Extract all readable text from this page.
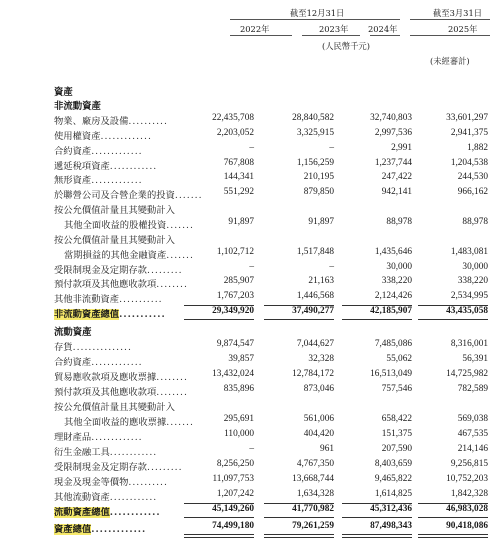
截至12月31日	截至3月31日
2022年	2023年 2024年	2025年
(人民幣千元)
(未經審計)
資產
非流動資產
物業、廠房及設備..........	22,435,708	28,840,582	32,740,803	33,601,297
使用權資產.............	2,203,052	3,325,915	2,997,536	2,941,375
合約資產.............	–	–	2,991	1,882
遞延稅項資產............	767,808	1,156,259	1,237,744	1,204,538
無形資產.............	144,341	210,195	247,422	244,530
於聯營公司及合營企業的投資.......	551,292	879,850	942,141	966,162
按公允價值計量且其變動計入
其他全面收益的股權投資.......	91,897	91,897	88,978	88,978
按公允價值計量且其變動計入
當期損益的其他金融資產.......	1,102,712	1,517,848	1,435,646	1,483,081
受限制現金及定期存款.........	–	–	30,000	30,000
預付款項及其他應收款項........	285,907	21,163	338,220	338,220
其他非流動資產...........	1,767,203	1,446,568	2,124,426	2,534,995
非流動資產總值...........	29,349,920	37,490,277	42,185,907	43,435,058
流動資產
存貨...............	9,874,547	7,044,627	7,485,086	8,316,001
合約資產.............	39,857	32,328	55,062	56,391
貿易應收款項及應收票據........	13,432,024	12,784,172	16,513,049	14,725,982
預付款項及其他應收款項........	835,896	873,046	757,546	782,589
按公允價值計量且其變動計入
其他全面收益的應收票據.......	295,691	561,006	658,422	569,038
理財產品.............	110,000	404,420	151,375	467,535
衍生金融工具............	–	961	207,590	214,146
受限制現金及定期存款.........	8,256,250	4,767,350	8,403,659	9,256,815
現金及現金等價物..........	11,097,753	13,668,744	9,465,822	10,752,203
其他流動資產............	1,207,242	1,634,328	1,614,825	1,842,328
流動資產總值............	45,149,260	41,770,982	45,312,436	46,983,028
資產總值.............	74,499,180	79,261,259	87,498,343	90,418,086
